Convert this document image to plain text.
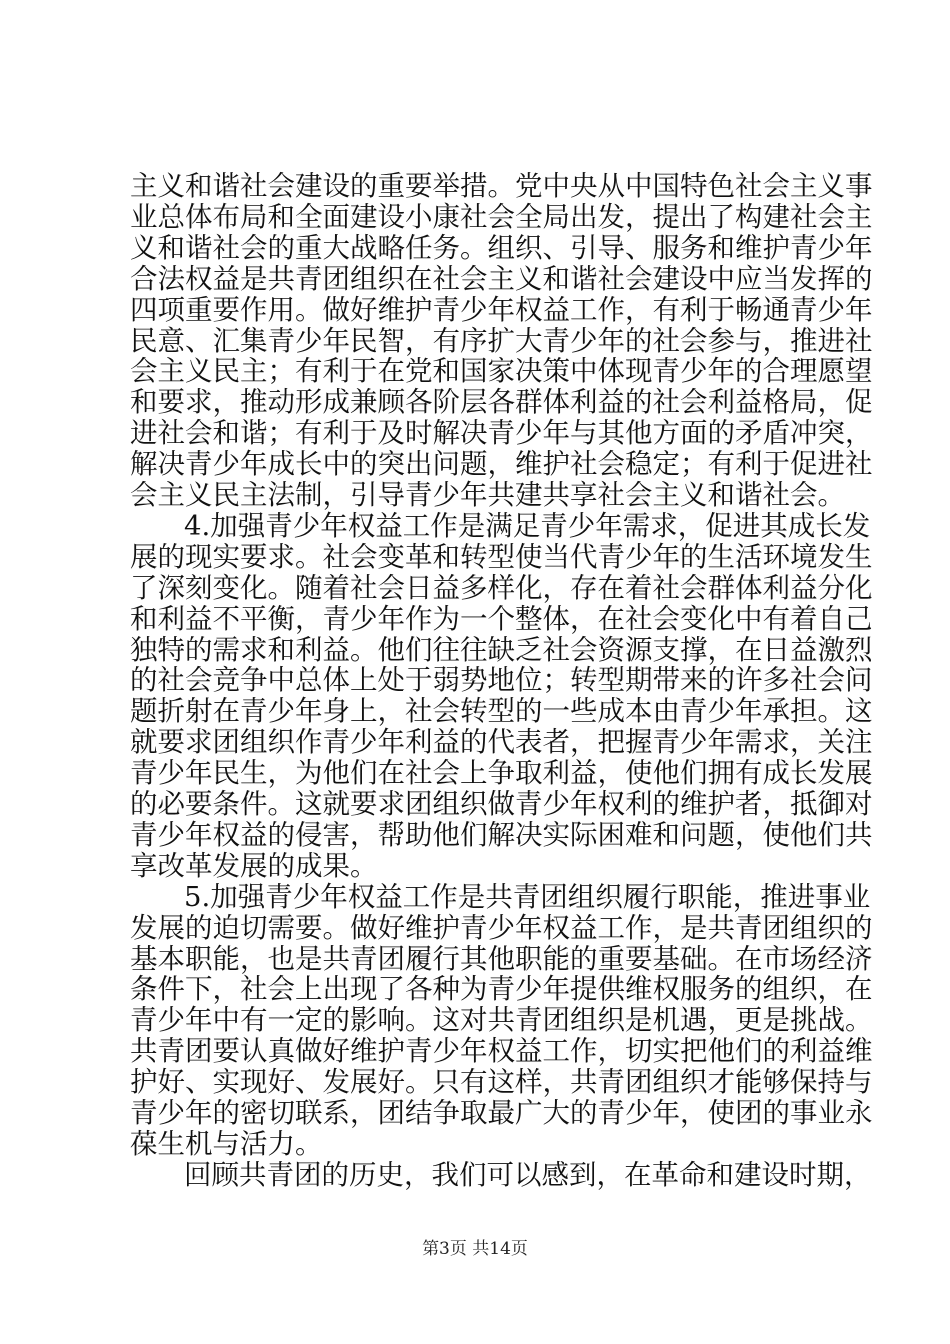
主义和谐社会建设的重要举措。党中央从中国特色社会主义事
业总体布局和全面建设小康社会全局出发，提出了构建社会主
义和谐社会的重大战略任务。组织、引导、服务和维护青少年
合法权益是共青团组织在社会主义和谐社会建设中应当发挥的
四项重要作用。做好维护青少年权益工作，有利于畅通青少年
民意、汇集青少年民智，有序扩大青少年的社会参与，推进社
会主义民主；有利于在党和国家决策中体现青少年的合理愿望
和要求，推动形成兼顾各阶层各群体利益的社会利益格局，促
进社会和谐；有利于及时解决青少年与其他方面的矛盾冲突，
解决青少年成长中的突出问题，维护社会稳定；有利于促进社
会主义民主法制，引导青少年共建共享社会主义和谐社会。
4.加强青少年权益工作是满足青少年需求，促进其成长发
展的现实要求。社会变革和转型使当代青少年的生活环境发生
了深刻变化。随着社会日益多样化，存在着社会群体利益分化
和利益不平衡，青少年作为一个整体，在社会变化中有着自己
独特的需求和利益。他们往往缺乏社会资源支撑，在日益激烈
的社会竞争中总体上处于弱势地位；转型期带来的许多社会问
题折射在青少年身上，社会转型的一些成本由青少年承担。这
就要求团组织作青少年利益的代表者，把握青少年需求，关注
青少年民生，为他们在社会上争取利益，使他们拥有成长发展
的必要条件。这就要求团组织做青少年权利的维护者，抵御对
青少年权益的侵害，帮助他们解决实际困难和问题，使他们共
享改革发展的成果。
5.加强青少年权益工作是共青团组织履行职能，推进事业
发展的迫切需要。做好维护青少年权益工作，是共青团组织的
基本职能，也是共青团履行其他职能的重要基础。在市场经济
条件下，社会上出现了各种为青少年提供维权服务的组织，在
青少年中有一定的影响。这对共青团组织是机遇，更是挑战。
共青团要认真做好维护青少年权益工作，切实把他们的利益维
护好、实现好、发展好。只有这样，共青团组织才能够保持与
青少年的密切联系，团结争取最广大的青少年，使团的事业永
葆生机与活力。
回顾共青团的历史，我们可以感到，在革命和建设时期，
第3页 共14页
